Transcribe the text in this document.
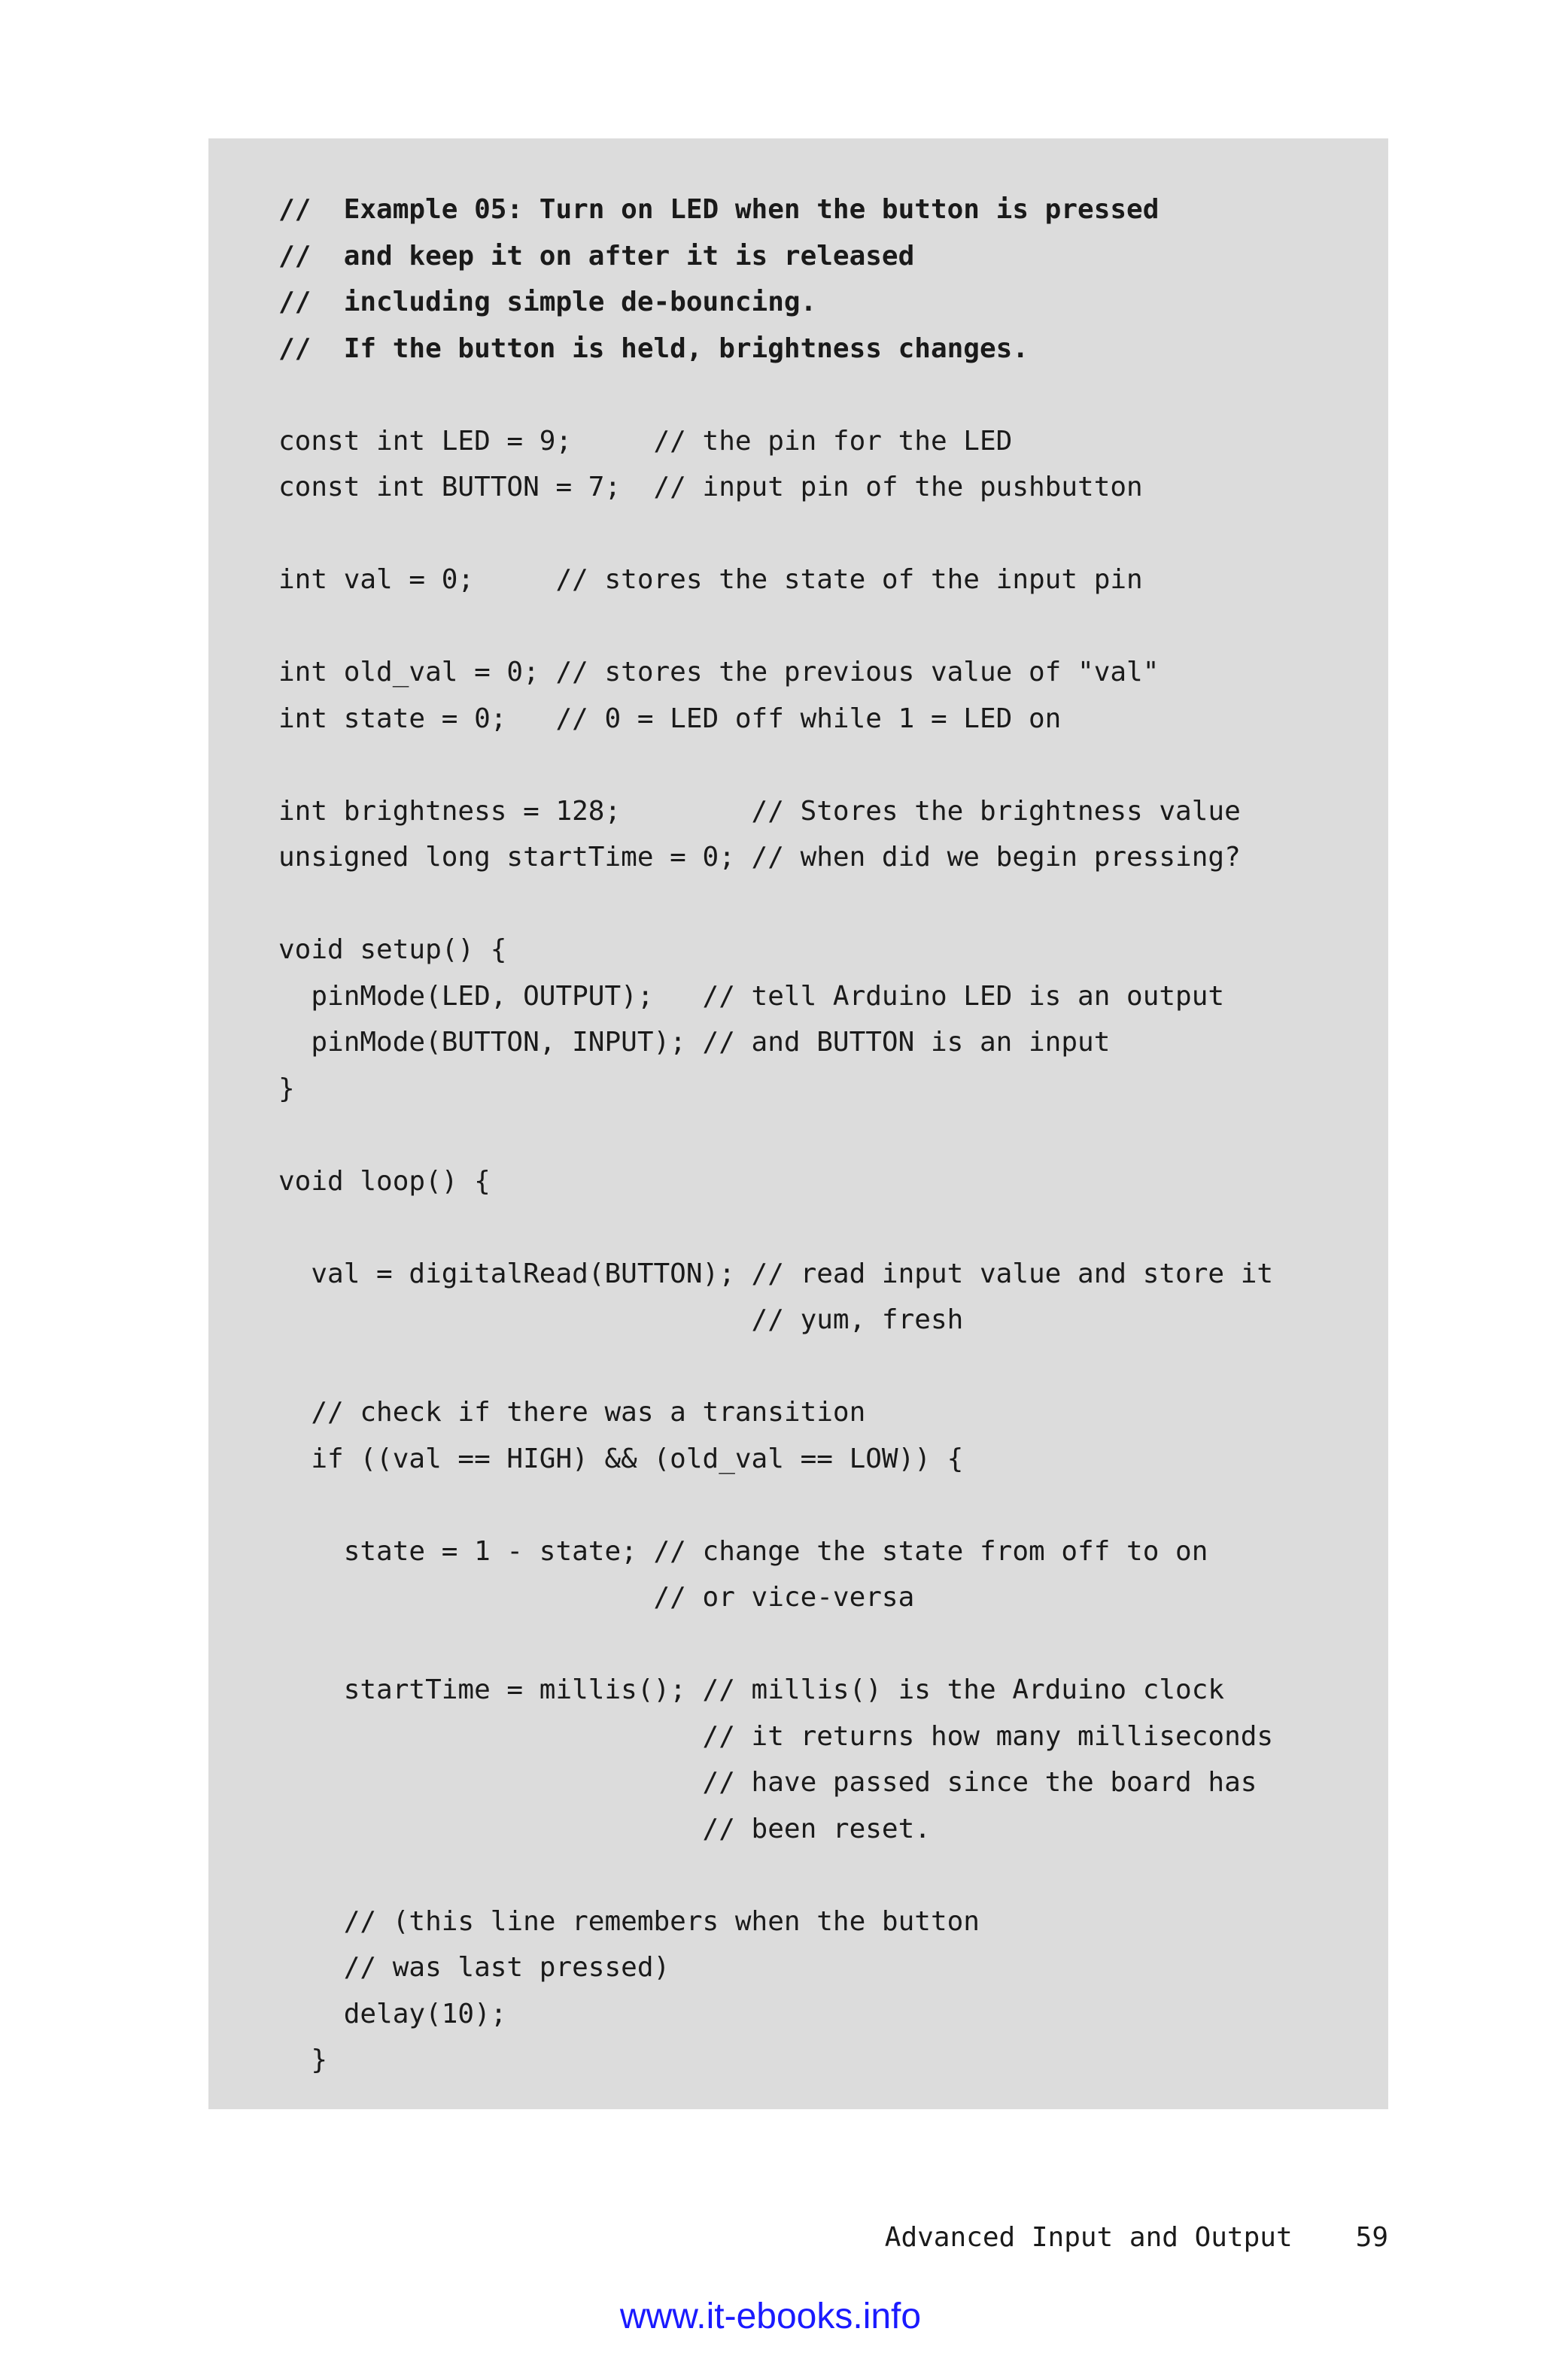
//  Example 05: Turn on LED when the button is pressed
//  and keep it on after it is released
//  including simple de-bouncing.
//  If the button is held, brightness changes.
const int LED = 9;     // the pin for the LED
const int BUTTON = 7;  // input pin of the pushbutton
int val = 0;     // stores the state of the input pin
int old_val = 0; // stores the previous value of "val"
int state = 0;   // 0 = LED off while 1 = LED on
int brightness = 128;        // Stores the brightness value
unsigned long startTime = 0; // when did we begin pressing?
void setup() {
pinMode(LED, OUTPUT);   // tell Arduino LED is an output
pinMode(BUTTON, INPUT); // and BUTTON is an input
}
void loop() {
val = digitalRead(BUTTON); // read input value and store it
// yum, fresh
// check if there was a transition
if ((val == HIGH) && (old_val == LOW)) {
state = 1 - state; // change the state from off to on
// or vice-versa
startTime = millis(); // millis() is the Arduino clock
// it returns how many milliseconds
// have passed since the board has
// been reset.
// (this line remembers when the button
// was last pressed)
delay(10);
}

Advanced Input and Output 59

www.it-ebooks.info
